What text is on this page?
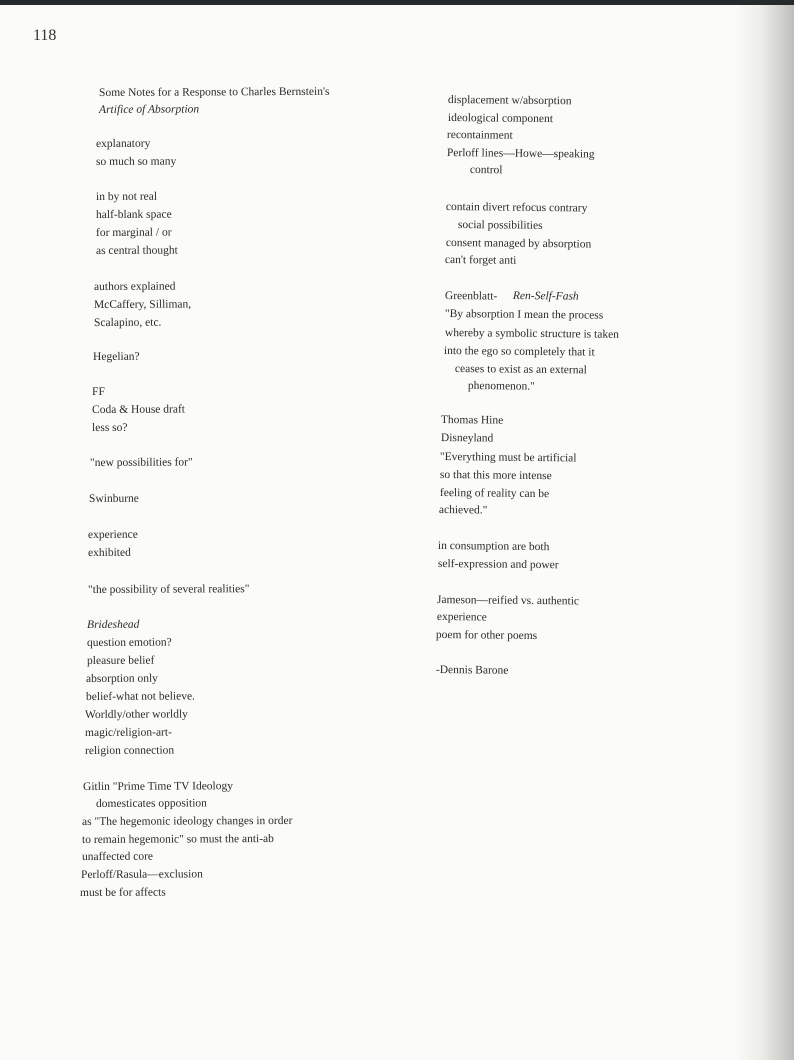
118
Some Notes for a Response to Charles Bernstein's
Artifice of Absorption
explanatory
so much so many
in by not real
half-blank space
for marginal / or
as central thought
authors explained
McCaffery, Silliman,
Scalapino, etc.
Hegelian?
FF
Coda & House draft
less so?
"new possibilities for"
Swinburne
experience
exhibited
"the possibility of several realities"
Brideshead
question emotion?
pleasure belief
absorption only
belief-what not believe.
Worldly/other worldly
magic/religion-art-
religion connection
Gitlin "Prime Time TV Ideology
domesticates opposition
as "The hegemonic ideology changes in order
to remain hegemonic" so must the anti-ab
unaffected core
Perloff/Rasula—exclusion
must be for affects
displacement w/absorption
ideological component
recontainment
Perloff lines—Howe—speaking
control
contain divert refocus contrary
social possibilities
consent managed by absorption
can't forget anti
Greenblatt- Ren-Self-Fash
"By absorption I mean the process
whereby a symbolic structure is taken
into the ego so completely that it
ceases to exist as an external
phenomenon."
Thomas Hine
Disneyland
"Everything must be artificial
so that this more intense
feeling of reality can be
achieved."
in consumption are both
self-expression and power
Jameson—reified vs. authentic
experience
poem for other poems
-Dennis Barone
